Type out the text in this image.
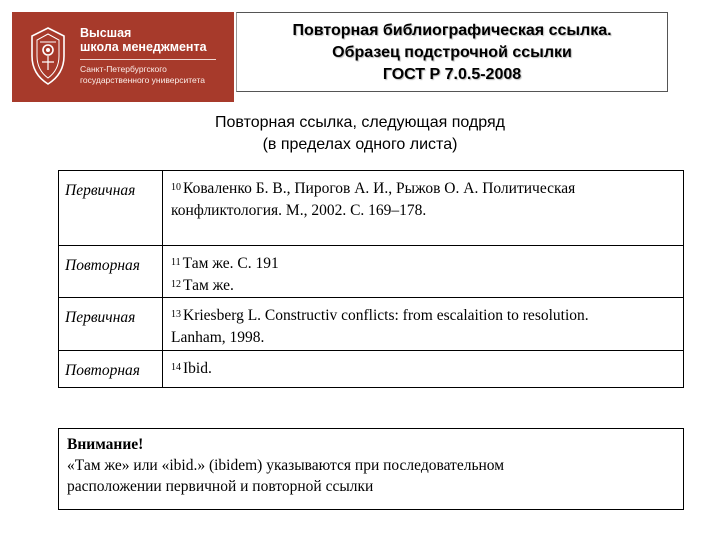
Высшая
школа менеджмента
Санкт-Петербургского
государственного университета
Повторная библиографическая ссылка.
Образец подстрочной ссылки
ГОСТ Р 7.0.5-2008
Повторная ссылка, следующая подряд
(в пределах одного листа)
Первичная	$^{10}$ Коваленко Б. В., Пирогов А. И., Рыжов О. А. Политическая
конфликтология. М., 2002. С. 169–178.

Повторная	$^{11}$ Там же. С. 191
$^{12}$ Там же.

Первичная	$^{13}$ Kriesberg L. Constructiv conflicts: from escalaition to resolution.
Lanham, 1998.

Повторная	$^{14}$ Ibid.
Внимание!
«Там же» или «ibid.» (ibidem) указываются при последовательном
расположении первичной и повторной ссылки
